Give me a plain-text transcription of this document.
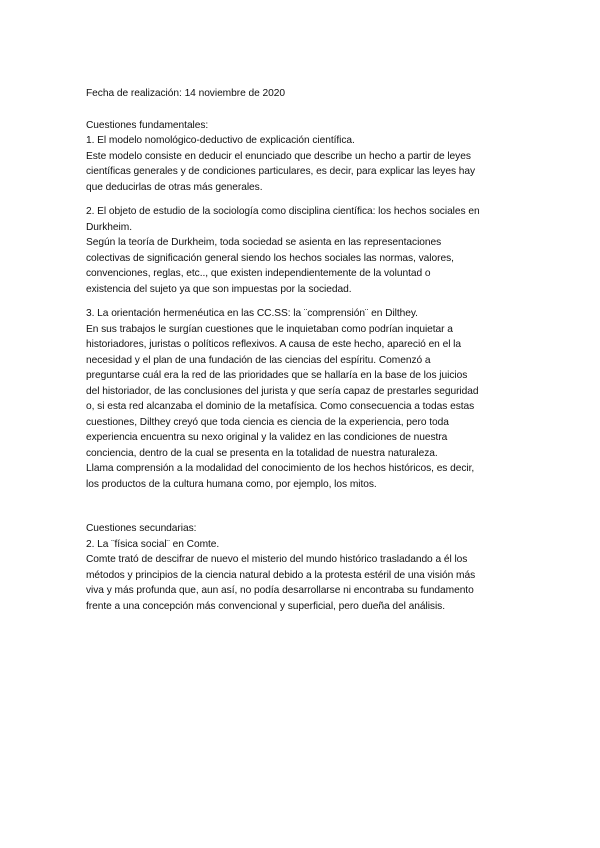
Fecha de realización: 14 noviembre de 2020

Cuestiones fundamentales:

1. El modelo nomológico-deductivo de explicación científica.

Este modelo consiste en deducir el enunciado que describe un hecho a partir de leyes

científicas generales y de condiciones particulares, es decir, para explicar las leyes hay

que deducirlas de otras más generales.

2. El objeto de estudio de la sociología como disciplina científica: los hechos sociales en

Durkheim.

Según la teoría de Durkheim, toda sociedad se asienta en las representaciones

colectivas de significación general siendo los hechos sociales las normas, valores,

convenciones, reglas, etc.., que existen independientemente de la voluntad o

existencia del sujeto ya que son impuestas por la sociedad.

3. La orientación hermenéutica en las CC.SS: la ¨comprensión¨ en Dilthey.

En sus trabajos le surgían cuestiones que le inquietaban como podrían inquietar a

historiadores, juristas o políticos reflexivos. A causa de este hecho, apareció en el la

necesidad y el plan de una fundación de las ciencias del espíritu. Comenzó a

preguntarse cuál era la red de las prioridades que se hallaría en la base de los juicios

del historiador, de las conclusiones del jurista y que sería capaz de prestarles seguridad

o, si esta red alcanzaba el dominio de la metafísica. Como consecuencia a todas estas

cuestiones, Dilthey creyó que toda ciencia es ciencia de la experiencia, pero toda

experiencia encuentra su nexo original y la validez en las condiciones de nuestra

conciencia, dentro de la cual se presenta en la totalidad de nuestra naturaleza.

Llama comprensión a la modalidad del conocimiento de los hechos históricos, es decir,

los productos de la cultura humana como, por ejemplo, los mitos.

Cuestiones secundarias:

2. La ¨física social¨ en Comte.

Comte trató de descifrar de nuevo el misterio del mundo histórico trasladando a él los

métodos y principios de la ciencia natural debido a la protesta estéril de una visión más

viva y más profunda que, aun así, no podía desarrollarse ni encontraba su fundamento

frente a una concepción más convencional y superficial, pero dueña del análisis.
